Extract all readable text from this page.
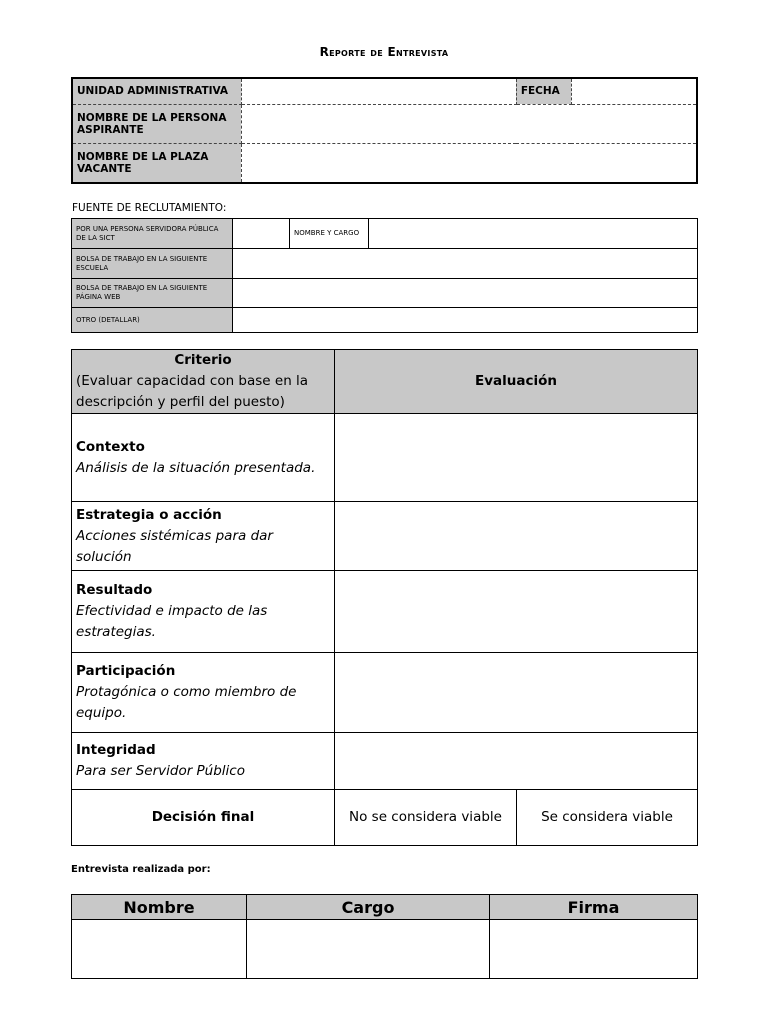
Reporte de Entrevista
UNIDAD ADMINISTRATIVA		FECHA	
NOMBRE DE LA PERSONA ASPIRANTE			
NOMBRE DE LA PLAZA VACANTE			
FUENTE DE RECLUTAMIENTO:
POR UNA PERSONA SERVIDORA PÚBLICA DE LA SICT		NOMBRE Y CARGO	
BOLSA DE TRABAJO EN LA SIGUIENTE ESCUELA			
BOLSA DE TRABAJO EN LA SIGUIENTE PÁGINA WEB			
OTRO (DETALLAR)			
Criterio
(Evaluar capacidad con base en la descripción y perfil del puesto)	Evaluación	

Contexto
Análisis de la situación presentada.		

Estrategia o acción
Acciones sistémicas para dar solución		

Resultado
Efectividad e impacto de las estrategias.		

Participación
Protagónica o como miembro de equipo.		

Integridad
Para ser Servidor Público		

Decisión final	No se considera viable	Se considera viable
Entrevista realizada por:
Nombre	Cargo	Firma
